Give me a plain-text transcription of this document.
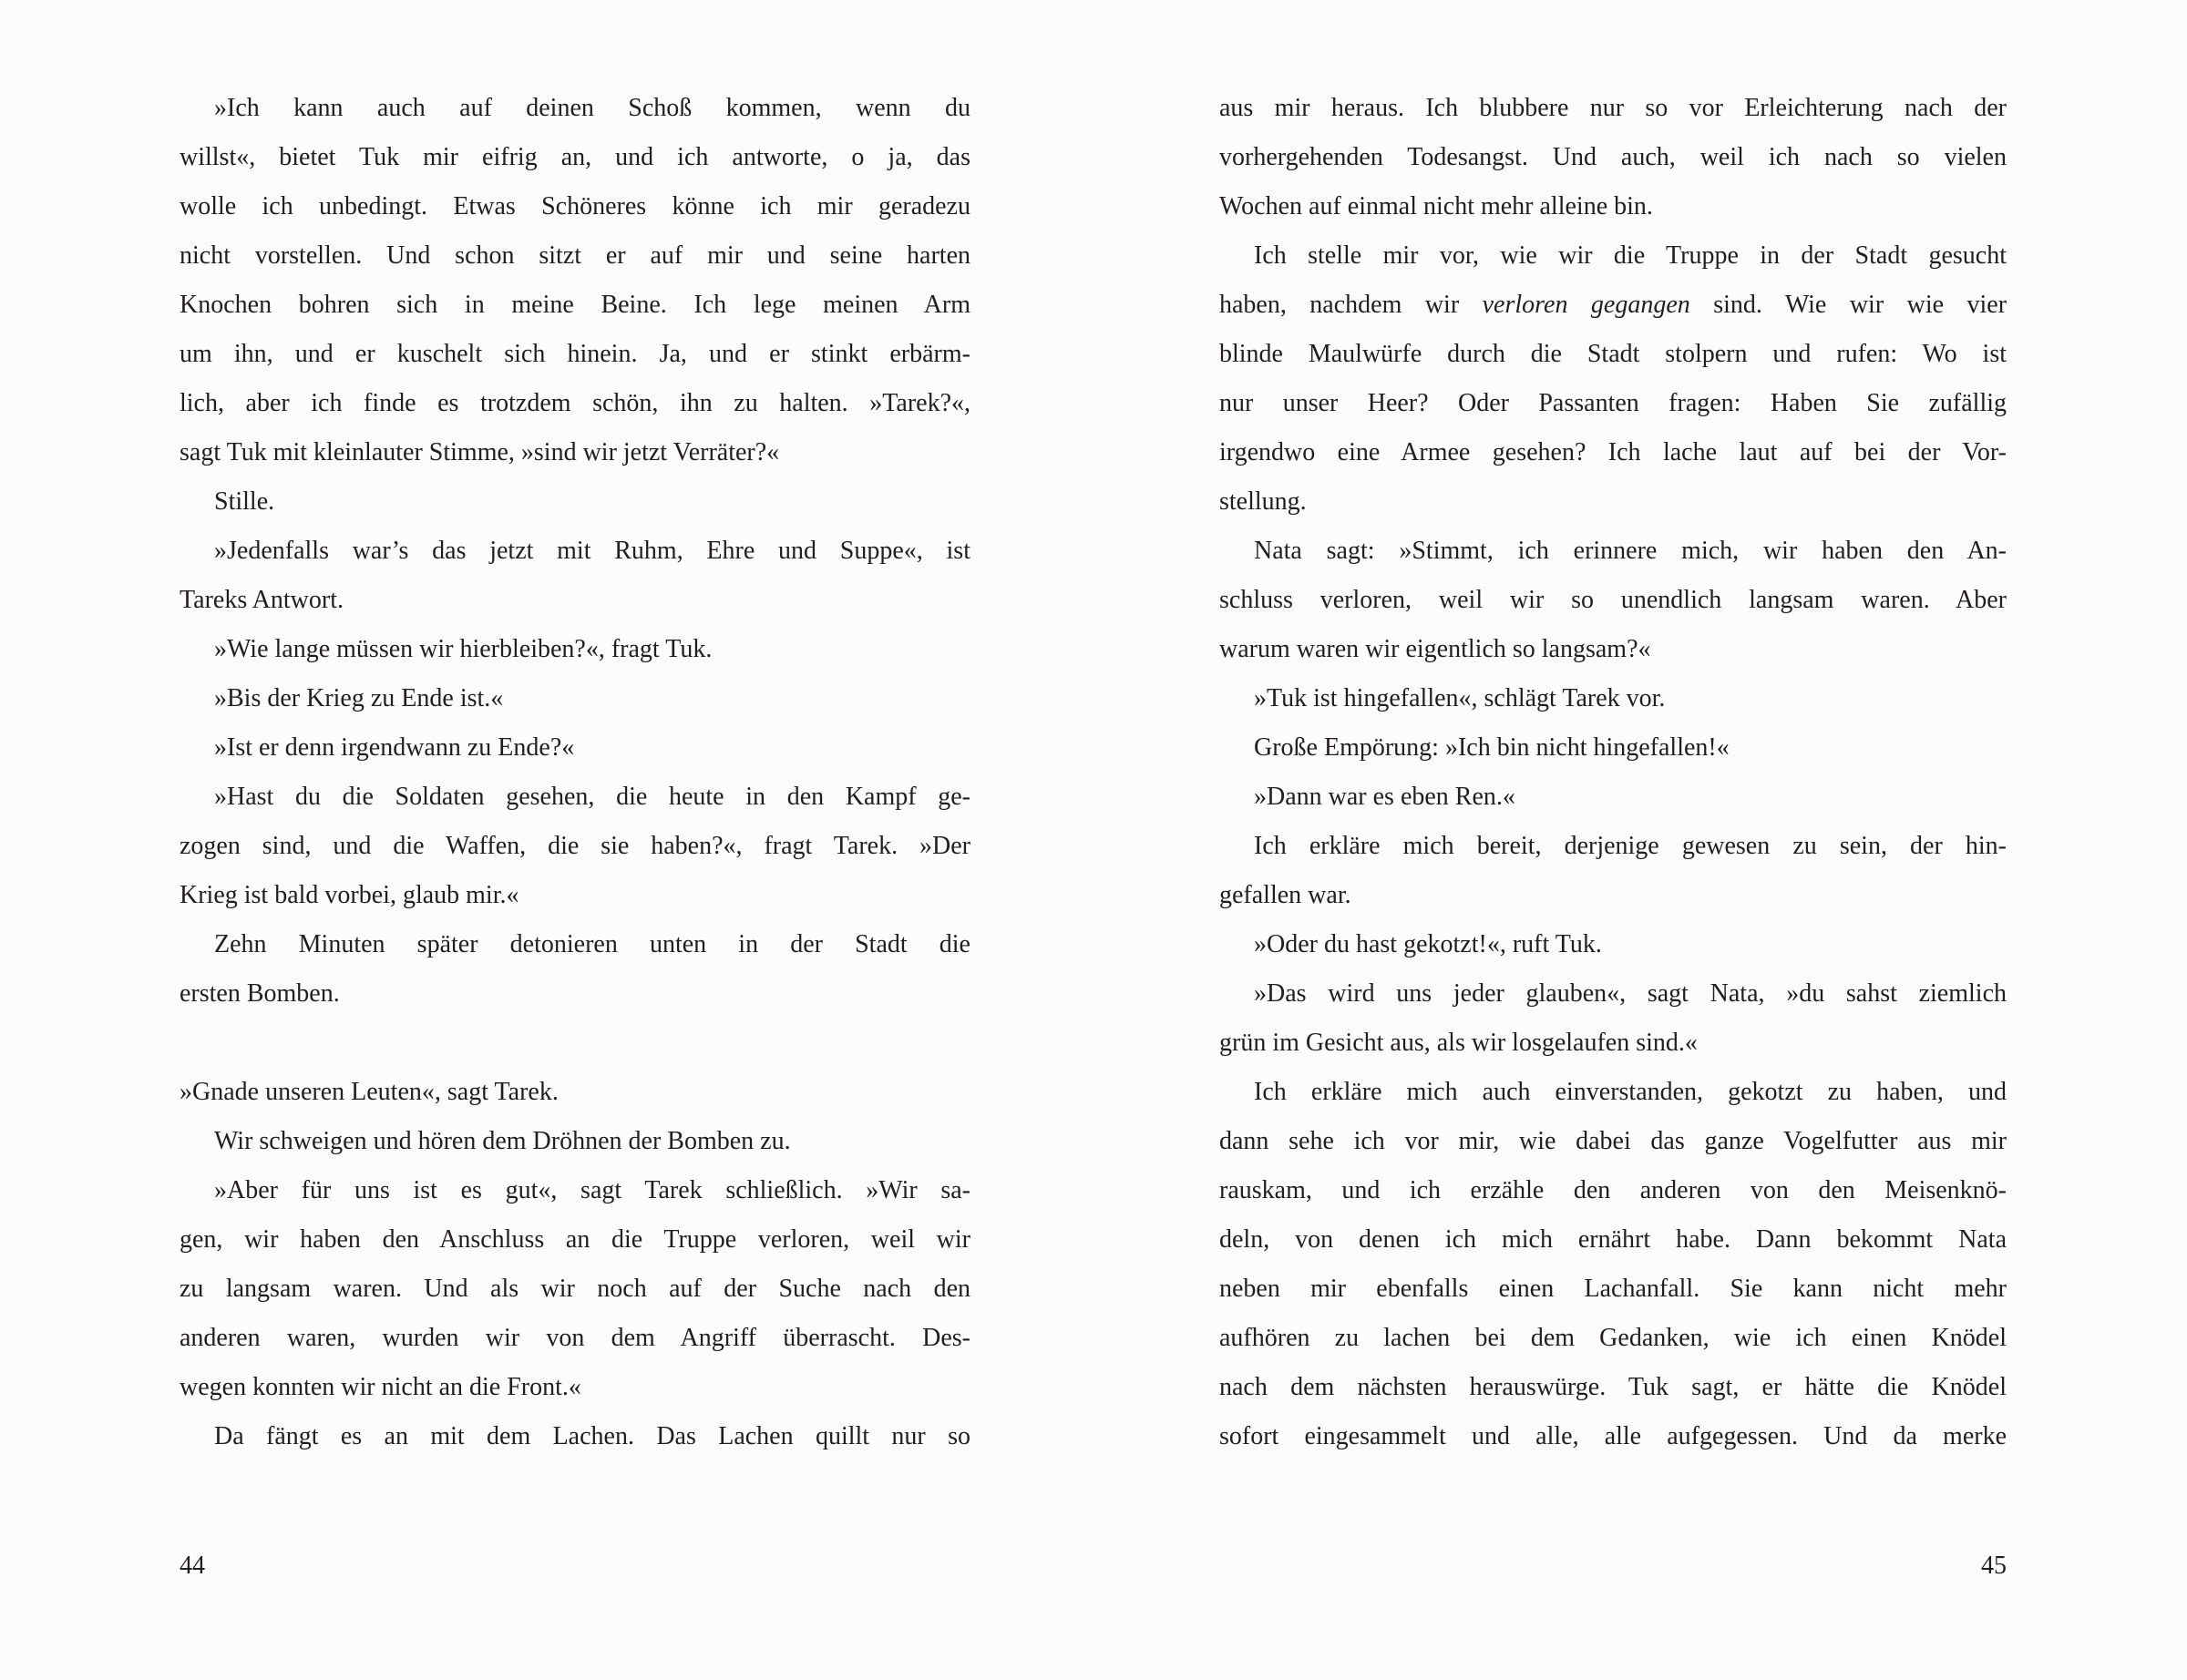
»Ich kann auch auf deinen Schoß kommen, wenn du
willst«, bietet Tuk mir eifrig an, und ich antworte, o ja, das
wolle ich unbedingt. Etwas Schöneres könne ich mir geradezu
nicht vorstellen. Und schon sitzt er auf mir und seine harten
Knochen bohren sich in meine Beine. Ich lege meinen Arm
um ihn, und er kuschelt sich hinein. Ja, und er stinkt erbärm-
lich, aber ich finde es trotzdem schön, ihn zu halten. »Tarek?«,
sagt Tuk mit kleinlauter Stimme, »sind wir jetzt Verräter?«
Stille.
»Jedenfalls war’s das jetzt mit Ruhm, Ehre und Suppe«, ist
Tareks Antwort.
»Wie lange müssen wir hierbleiben?«, fragt Tuk.
»Bis der Krieg zu Ende ist.«
»Ist er denn irgendwann zu Ende?«
»Hast du die Soldaten gesehen, die heute in den Kampf ge-
zogen sind, und die Waffen, die sie haben?«, fragt Tarek. »Der
Krieg ist bald vorbei, glaub mir.«
Zehn Minuten später detonieren unten in der Stadt die
ersten Bomben.
»Gnade unseren Leuten«, sagt Tarek.
Wir schweigen und hören dem Dröhnen der Bomben zu.
»Aber für uns ist es gut«, sagt Tarek schließlich. »Wir sa-
gen, wir haben den Anschluss an die Truppe verloren, weil wir
zu langsam waren. Und als wir noch auf der Suche nach den
anderen waren, wurden wir von dem Angriff überrascht. Des-
wegen konnten wir nicht an die Front.«
Da fängt es an mit dem Lachen. Das Lachen quillt nur so
44
aus mir heraus. Ich blubbere nur so vor Erleichterung nach der
vorhergehenden Todesangst. Und auch, weil ich nach so vielen
Wochen auf einmal nicht mehr alleine bin.
Ich stelle mir vor, wie wir die Truppe in der Stadt gesucht
haben, nachdem wir verloren gegangen sind. Wie wir wie vier
blinde Maulwürfe durch die Stadt stolpern und rufen: Wo ist
nur unser Heer? Oder Passanten fragen: Haben Sie zufällig
irgendwo eine Armee gesehen? Ich lache laut auf bei der Vor-
stellung.
Nata sagt: »Stimmt, ich erinnere mich, wir haben den An-
schluss verloren, weil wir so unendlich langsam waren. Aber
warum waren wir eigentlich so langsam?«
»Tuk ist hingefallen«, schlägt Tarek vor.
Große Empörung: »Ich bin nicht hingefallen!«
»Dann war es eben Ren.«
Ich erkläre mich bereit, derjenige gewesen zu sein, der hin-
gefallen war.
»Oder du hast gekotzt!«, ruft Tuk.
»Das wird uns jeder glauben«, sagt Nata, »du sahst ziemlich
grün im Gesicht aus, als wir losgelaufen sind.«
Ich erkläre mich auch einverstanden, gekotzt zu haben, und
dann sehe ich vor mir, wie dabei das ganze Vogelfutter aus mir
rauskam, und ich erzähle den anderen von den Meisenknö-
deln, von denen ich mich ernährt habe. Dann bekommt Nata
neben mir ebenfalls einen Lachanfall. Sie kann nicht mehr
aufhören zu lachen bei dem Gedanken, wie ich einen Knödel
nach dem nächsten herauswürge. Tuk sagt, er hätte die Knödel
sofort eingesammelt und alle, alle aufgegessen. Und da merke
45
